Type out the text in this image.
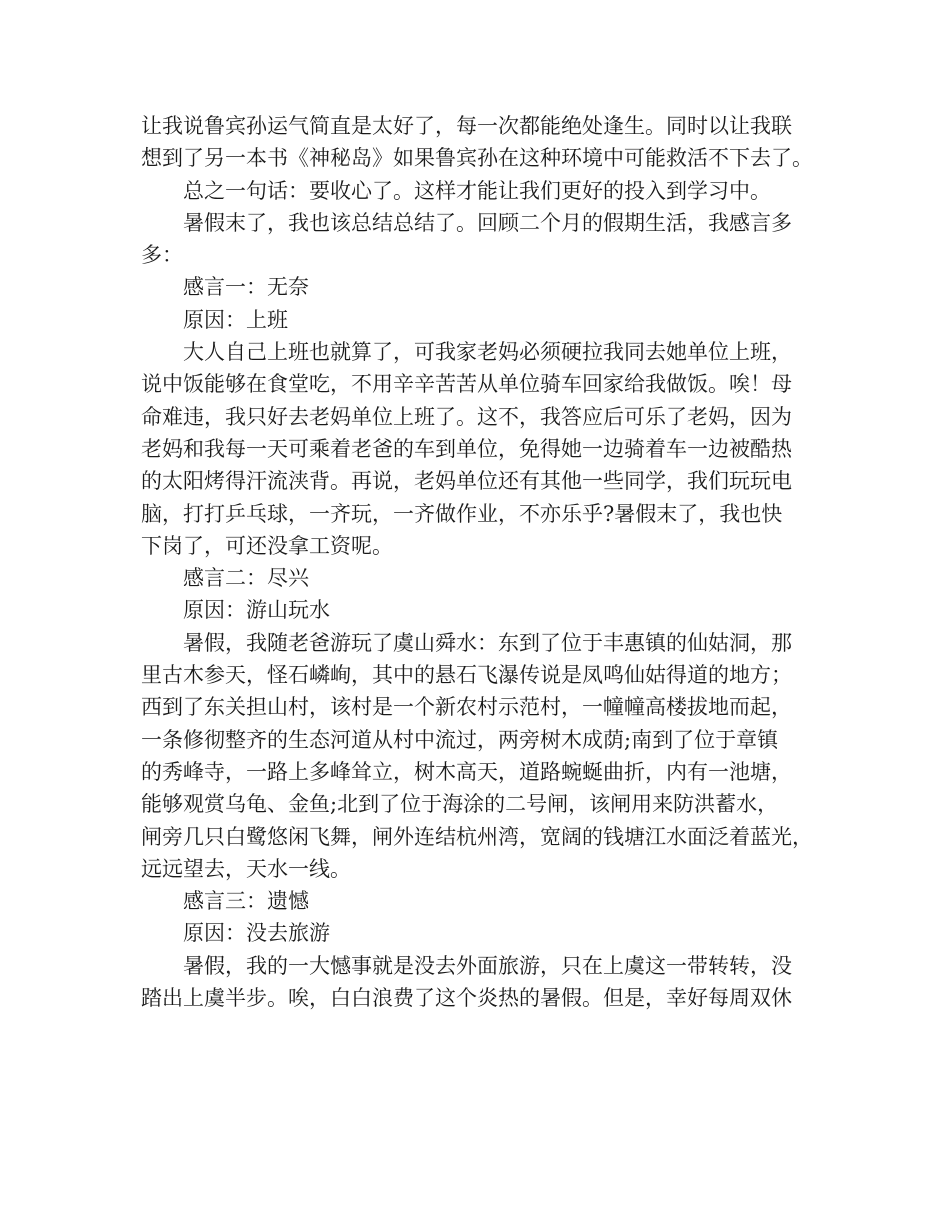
让我说鲁宾孙运气简直是太好了，每一次都能绝处逢生。同时以让我联
想到了另一本书《神秘岛》如果鲁宾孙在这种环境中可能救活不下去了。
总之一句话：要收心了。这样才能让我们更好的投入到学习中。
暑假末了，我也该总结总结了。回顾二个月的假期生活，我感言多
多：
感言一：无奈
原因：上班
大人自己上班也就算了，可我家老妈必须硬拉我同去她单位上班，
说中饭能够在食堂吃，不用辛辛苦苦从单位骑车回家给我做饭。唉！母
命难违，我只好去老妈单位上班了。这不，我答应后可乐了老妈，因为
老妈和我每一天可乘着老爸的车到单位，免得她一边骑着车一边被酷热
的太阳烤得汗流浃背。再说，老妈单位还有其他一些同学，我们玩玩电
脑，打打乒乓球，一齐玩，一齐做作业，不亦乐乎?暑假末了，我也快
下岗了，可还没拿工资呢。
感言二：尽兴
原因：游山玩水
暑假，我随老爸游玩了虞山舜水：东到了位于丰惠镇的仙姑洞，那
里古木参天，怪石嶙峋，其中的悬石飞瀑传说是凤鸣仙姑得道的地方；
西到了东关担山村，该村是一个新农村示范村，一幢幢高楼拔地而起，
一条修彻整齐的生态河道从村中流过，两旁树木成荫;南到了位于章镇
的秀峰寺，一路上多峰耸立，树木高天，道路蜿蜒曲折，内有一池塘，
能够观赏乌龟、金鱼;北到了位于海涂的二号闸，该闸用来防洪蓄水，
闸旁几只白鹭悠闲飞舞，闸外连结杭州湾，宽阔的钱塘江水面泛着蓝光，
远远望去，天水一线。
感言三：遗憾
原因：没去旅游
暑假，我的一大憾事就是没去外面旅游，只在上虞这一带转转，没
踏出上虞半步。唉，白白浪费了这个炎热的暑假。但是，幸好每周双休
